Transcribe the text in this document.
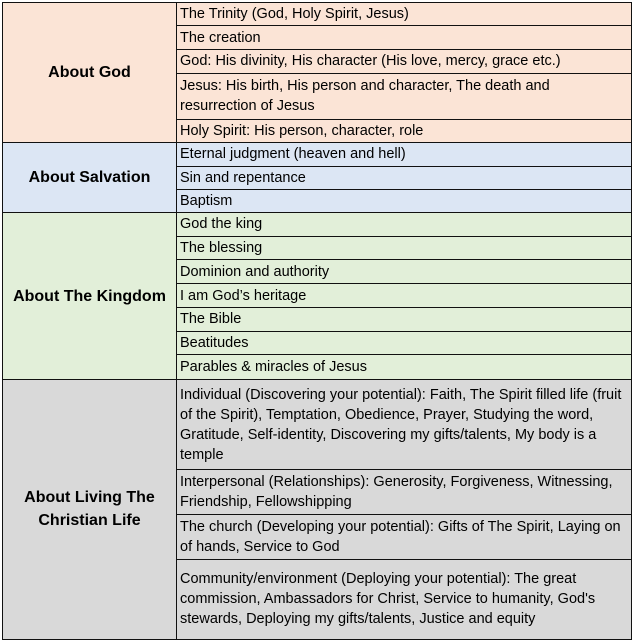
About God	The Trinity (God, Holy Spirit, Jesus)
	The creation
	God: His divinity, His character (His love, mercy, grace etc.)
	Jesus: His birth, His person and character, The death and resurrection of Jesus
	Holy Spirit: His person, character, role
About Salvation	Eternal judgment (heaven and hell)
	Sin and repentance
	Baptism
About The Kingdom	God the king
	The blessing
	Dominion and authority
	I am God’s heritage
	The Bible
	Beatitudes
	Parables & miracles of Jesus
About Living The Christian Life	Individual (Discovering your potential): Faith, The Spirit filled life (fruit of the Spirit), Temptation, Obedience, Prayer, Studying the word, Gratitude, Self-identity, Discovering my gifts/talents, My body is a temple
	Interpersonal (Relationships): Generosity, Forgiveness, Witnessing, Friendship, Fellowshipping
	The church (Developing your potential): Gifts of The Spirit, Laying on of hands, Service to God
	Community/environment (Deploying your potential): The great commission, Ambassadors for Christ, Service to humanity, God's stewards, Deploying my gifts/talents, Justice and equity
